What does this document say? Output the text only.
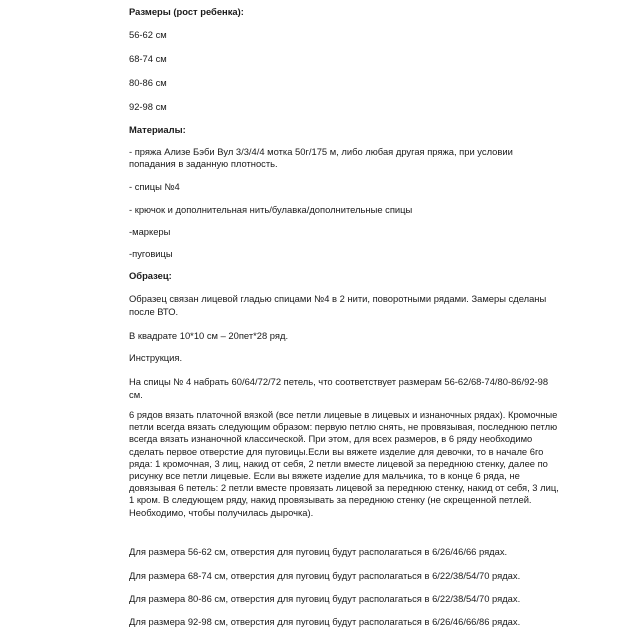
Размеры (рост ребенка):
56-62 см
68-74 см
80-86 см
92-98 см
Материалы:
- пряжа Ализе Бэби Вул 3/3/4/4 мотка 50г/175 м, либо любая другая пряжа, при условии
попадания в заданную плотность.
- спицы №4
- крючок и дополнительная нить/булавка/дополнительные спицы
-маркеры
-пуговицы
Образец:
Образец связан лицевой гладью спицами №4 в 2 нити, поворотными рядами. Замеры сделаны
после ВТО.
В квадрате 10*10 см – 20пет*28 ряд.
Инструкция.
На спицы № 4 набрать 60/64/72/72 петель, что соответствует размерам 56-62/68-74/80-86/92-98
см.
6 рядов вязать платочной вязкой (все петли лицевые в лицевых и изнаночных рядах). Кромочные
петли всегда вязать следующим образом: первую петлю снять, не провязывая, последнюю петлю
всегда вязать изнаночной классической. При этом, для всех размеров, в 6 ряду необходимо
сделать первое отверстие для пуговицы.Если вы вяжете изделие для девочки, то в начале 6го
ряда: 1 кромочная, 3 лиц, накид от себя, 2 петли вместе лицевой за переднюю стенку, далее по
рисунку все петли лицевые. Если вы вяжете изделие для мальчика, то в конце 6 ряда, не
довязывая 6 петель: 2 петли вместе провязать лицевой за переднюю стенку, накид от себя, 3 лиц,
1 кром. В следующем ряду, накид провязывать за переднюю стенку (не скрещенной петлей.
Необходимо, чтобы получилась дырочка).
Для размера 56-62 см, отверстия для пуговиц будут располагаться в 6/26/46/66 рядах.
Для размера 68-74 см, отверстия для пуговиц будут располагаться в 6/22/38/54/70 рядах.
Для размера 80-86 см, отверстия для пуговиц будут располагаться в 6/22/38/54/70 рядах.
Для размера 92-98 см, отверстия для пуговиц будут располагаться в 6/26/46/66/86 рядах.
